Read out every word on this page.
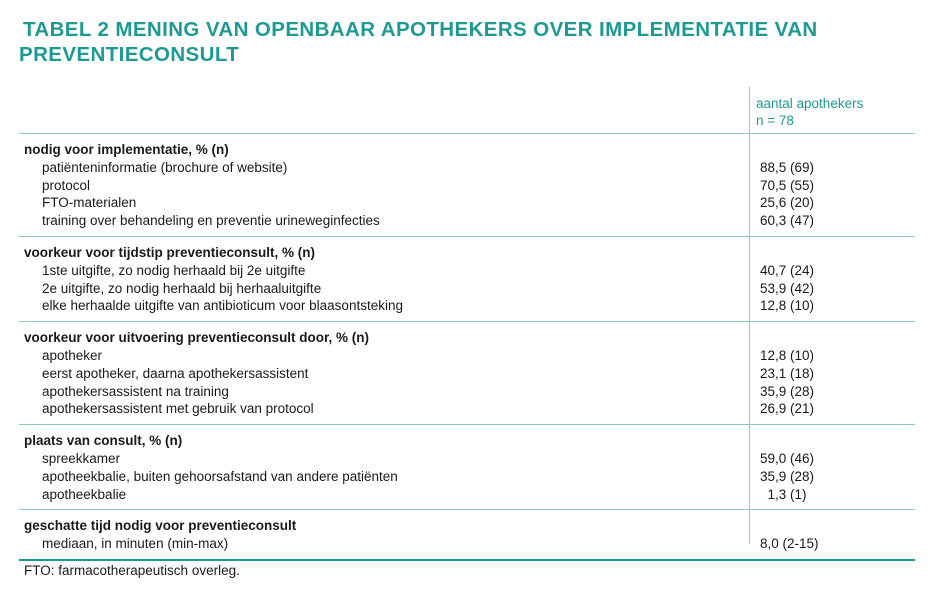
TABEL 2 MENING VAN OPENBAAR APOTHEKERS OVER IMPLEMENTATIE VAN PREVENTIECONSULT
aantal apothekers
n = 78
nodig voor implementatie, % (n)
patiënteninformatie (brochure of website)	88,5 (69)
protocol	70,5 (55)
FTO-materialen	25,6 (20)
training over behandeling en preventie urineweginfecties	60,3 (47)
voorkeur voor tijdstip preventieconsult, % (n)
1ste uitgifte, zo nodig herhaald bij 2e uitgifte	40,7 (24)
2e uitgifte, zo nodig herhaald bij herhaaluitgifte	53,9 (42)
elke herhaalde uitgifte van antibioticum voor blaasontsteking	12,8 (10)
voorkeur voor uitvoering preventieconsult door, % (n)
apotheker	12,8 (10)
eerst apotheker, daarna apothekersassistent	23,1 (18)
apothekersassistent na training	35,9 (28)
apothekersassistent met gebruik van protocol	26,9 (21)
plaats van consult, % (n)
spreekkamer	59,0 (46)
apotheekbalie, buiten gehoorsafstand van andere patiënten	35,9 (28)
apotheekbalie	1,3 (1)
geschatte tijd nodig voor preventieconsult
mediaan, in minuten (min-max)	8,0 (2-15)
FTO: farmacotherapeutisch overleg.
